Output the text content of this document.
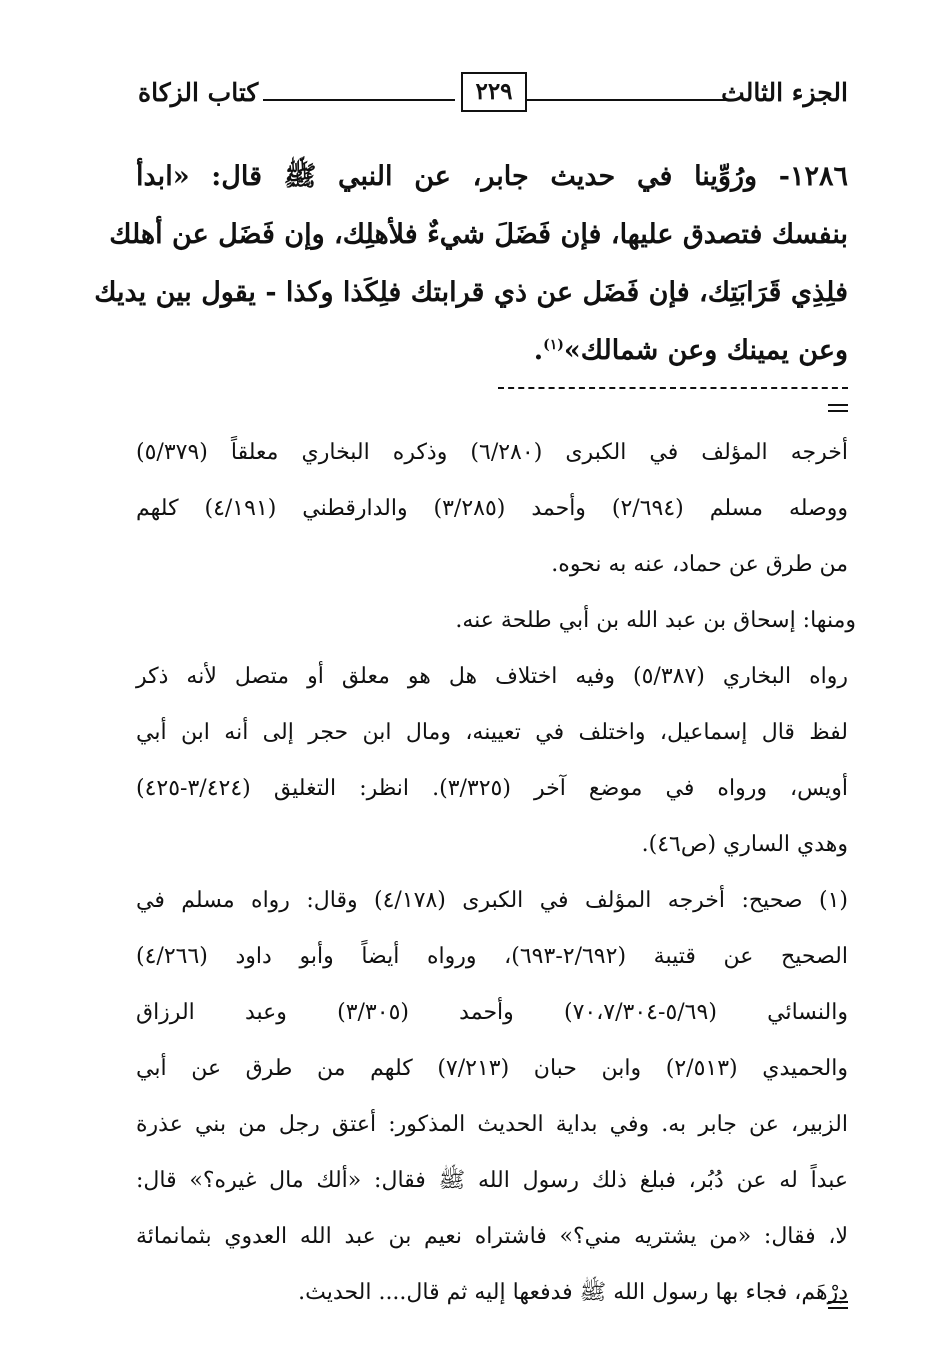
الجزء الثالث
٢٢٩
كتاب الزكاة
١٢٨٦- ورُوِّينا في حديث جابر، عن النبي ﷺ قال: «ابدأ
بنفسك فتصدق عليها، فإن فَضَلَ شيءٌ فلأهلِك، وإن فَضَل عن أهلك
فلِذِي قَرَابَتِك، فإن فَضَل عن ذي قرابتك فلِكَذا وكذا - يقول بين يديك
وعن يمينك وعن شمالك»$^{(١)}$.
أخرجه المؤلف في الكبرى (٦/٢٨٠) وذكره البخاري معلقاً (٥/٣٧٩)
ووصله مسلم (٢/٦٩٤) وأحمد (٣/٢٨٥) والدارقطني (٤/١٩١) كلهم
من طرق عن حماد، عنه به نحوه.
ومنها: إسحاق بن عبد الله بن أبي طلحة عنه.
رواه البخاري (٥/٣٨٧) وفيه اختلاف هل هو معلق أو متصل لأنه ذكر
لفظ قال إسماعيل، واختلف في تعيينه، ومال ابن حجر إلى أنه ابن أبي
أويس، ورواه في موضع آخر (٣/٣٢٥). انظر: التغليق (٣/٤٢٤-٤٢٥)
وهدي الساري (ص٤٦).
(١) صحيح: أخرجه المؤلف في الكبرى (٤/١٧٨) وقال: رواه مسلم في
الصحيح عن قتيبة (٢/٦٩٢-٦٩٣)، ورواه أيضاً وأبو داود (٤/٢٦٦)
والنسائي (٥/٦٩-٧٠،٧/٣٠٤) وأحمد (٣/٣٠٥) وعبد الرزاق
والحميدي (٢/٥١٣) وابن حبان (٧/٢١٣) كلهم من طرق عن أبي
الزبير، عن جابر به. وفي بداية الحديث المذكور: أعتق رجل من بني عذرة
عبداً له عن دُبُر، فبلغ ذلك رسول الله ﷺ فقال: «ألك مال غيره؟» قال:
لا، فقال: «من يشتريه مني؟» فاشتراه نعيم بن عبد الله العدوي بثمانمائة
دِرْهَم، فجاء بها رسول الله ﷺ فدفعها إليه ثم قال.... الحديث.
